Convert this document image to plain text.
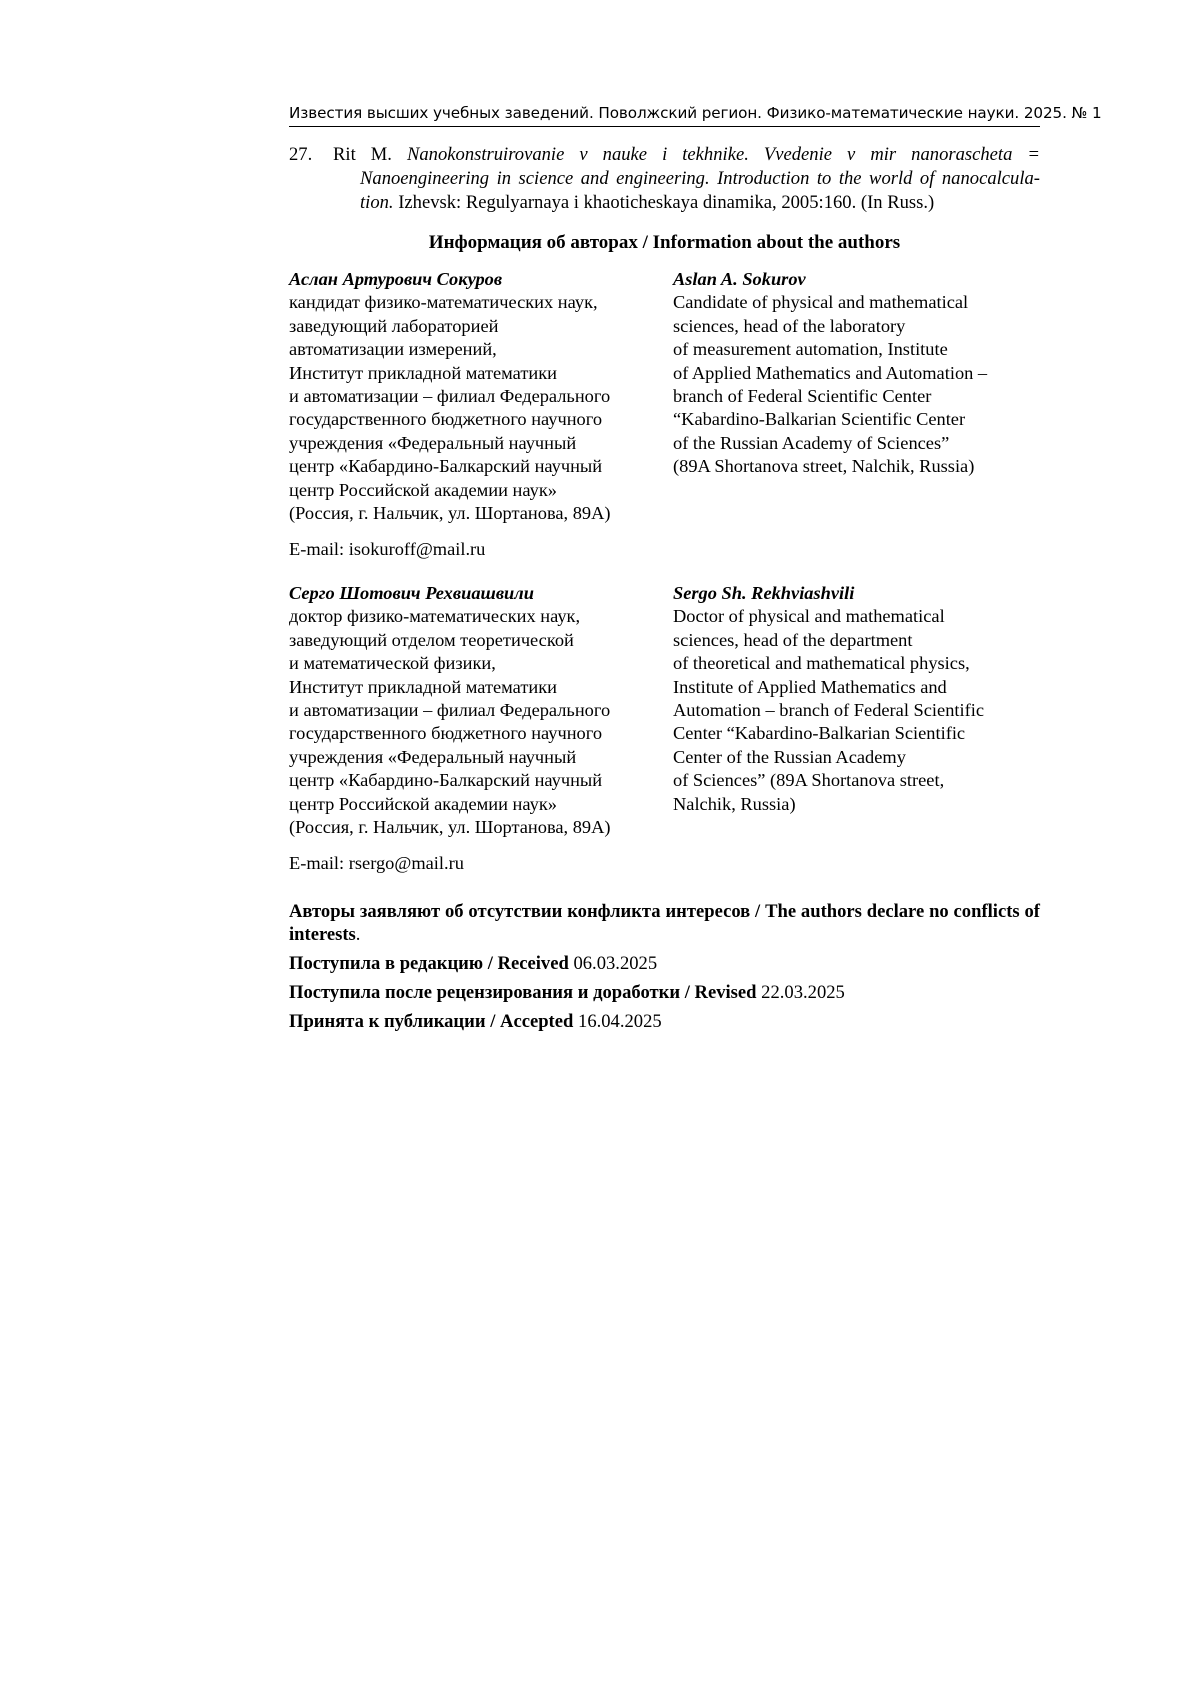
Известия высших учебных заведений. Поволжский регион. Физико-математические науки. 2025. № 1
27.	Rit M. Nanokonstruirovanie v nauke i tekhnike. Vvedenie v mir nanorascheta = Nanoengineering in science and engineering. Introduction to the world of nanocalcula-tion. Izhevsk: Regulyarnaya i khaoticheskaya dinamika, 2005:160. (In Russ.)
Информация об авторах / Information about the authors
Аслан Артурович Сокуров
кандидат физико-математических наук,
заведующий лабораторией
автоматизации измерений,
Институт прикладной математики
и автоматизации – филиал Федерального
государственного бюджетного научного
учреждения «Федеральный научный
центр «Кабардино-Балкарский научный
центр Российской академии наук»
(Россия, г. Нальчик, ул. Шортанова, 89А)
E-mail: isokuroff@mail.ru
Aslan A. Sokurov
Candidate of physical and mathematical
sciences, head of the laboratory
of measurement automation, Institute
of Applied Mathematics and Automation –
branch of Federal Scientific Center
“Kabardino-Balkarian Scientific Center
of the Russian Academy of Sciences”
(89A Shortanova street, Nalchik, Russia)
Серго Шотович Рехвиашвили
доктор физико-математических наук,
заведующий отделом теоретической
и математической физики,
Институт прикладной математики
и автоматизации – филиал Федерального
государственного бюджетного научного
учреждения «Федеральный научный
центр «Кабардино-Балкарский научный
центр Российской академии наук»
(Россия, г. Нальчик, ул. Шортанова, 89А)
E-mail: rsergo@mail.ru
Sergo Sh. Rekhviashvili
Doctor of physical and mathematical
sciences, head of the department
of theoretical and mathematical physics,
Institute of Applied Mathematics and
Automation – branch of Federal Scientific
Center “Kabardino-Balkarian Scientific
Center of the Russian Academy
of Sciences” (89A Shortanova street,
Nalchik, Russia)
Авторы заявляют об отсутствии конфликта интересов / The authors declare no conflicts of interests.
Поступила в редакцию / Received 06.03.2025
Поступила после рецензирования и доработки / Revised 22.03.2025
Принята к публикации / Accepted 16.04.2025
